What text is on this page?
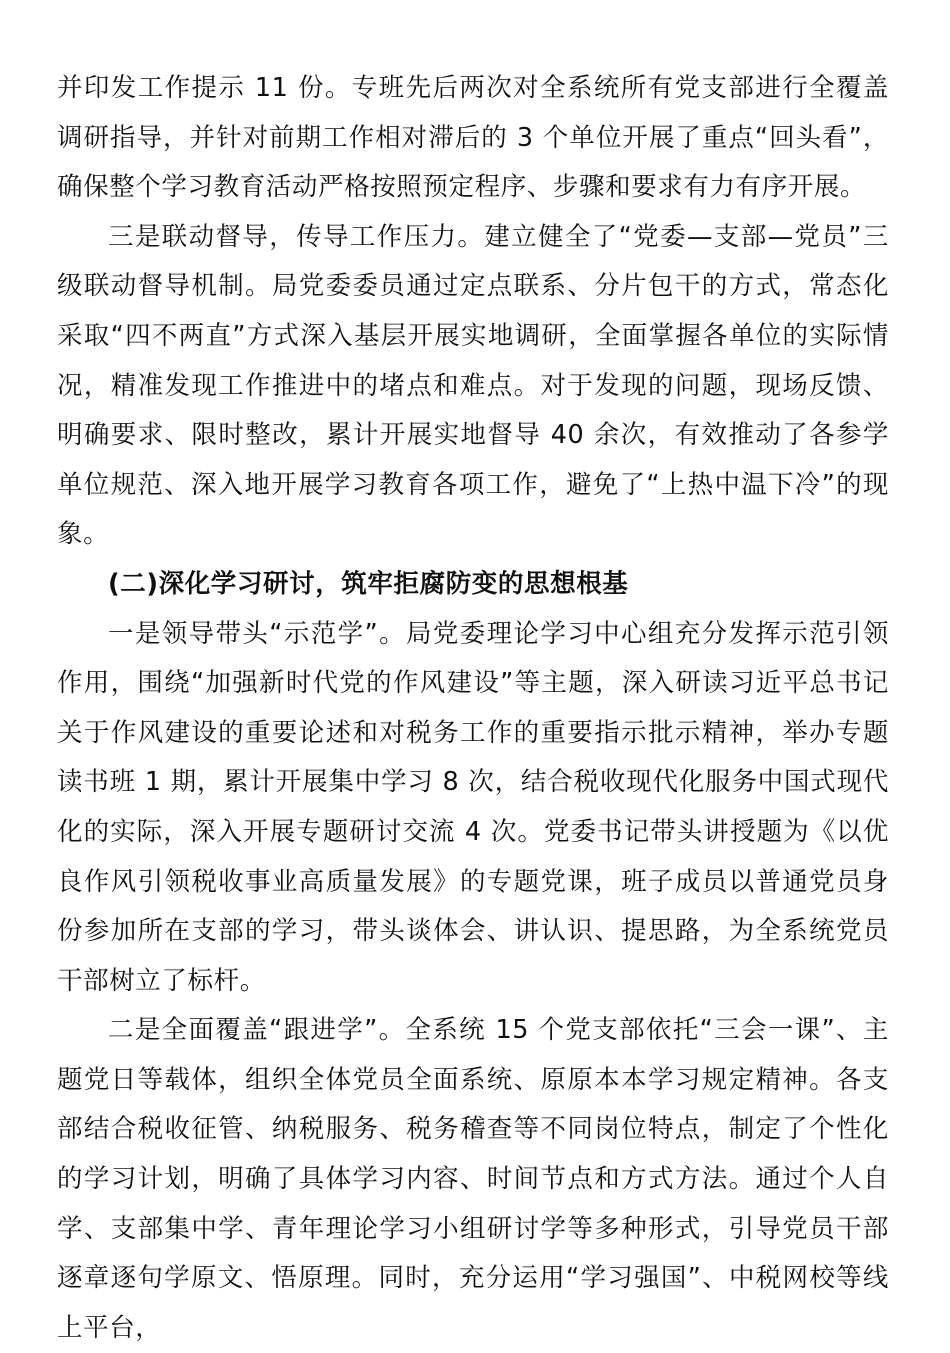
并印发工作提示 11 份。专班先后两次对全系统所有党支部进行全覆盖调研指导，并针对前期工作相对滞后的 3 个单位开展了重点“回头看”，确保整个学习教育活动严格按照预定程序、步骤和要求有力有序开展。

三是联动督导，传导工作压力。建立健全了“党委—支部—党员”三级联动督导机制。局党委委员通过定点联系、分片包干的方式，常态化采取“四不两直”方式深入基层开展实地调研，全面掌握各单位的实际情况，精准发现工作推进中的堵点和难点。对于发现的问题，现场反馈、明确要求、限时整改，累计开展实地督导 40 余次，有效推动了各参学单位规范、深入地开展学习教育各项工作，避免了“上热中温下冷”的现象。

(二)深化学习研讨，筑牢拒腐防变的思想根基

一是领导带头“示范学”。局党委理论学习中心组充分发挥示范引领作用，围绕“加强新时代党的作风建设”等主题，深入研读习近平总书记关于作风建设的重要论述和对税务工作的重要指示批示精神，举办专题读书班 1 期，累计开展集中学习 8 次，结合税收现代化服务中国式现代化的实际，深入开展专题研讨交流 4 次。党委书记带头讲授题为《以优良作风引领税收事业高质量发展》的专题党课，班子成员以普通党员身份参加所在支部的学习，带头谈体会、讲认识、提思路，为全系统党员干部树立了标杆。

二是全面覆盖“跟进学”。全系统 15 个党支部依托“三会一课”、主题党日等载体，组织全体党员全面系统、原原本本学习规定精神。各支部结合税收征管、纳税服务、税务稽查等不同岗位特点，制定了个性化的学习计划，明确了具体学习内容、时间节点和方式方法。通过个人自学、支部集中学、青年理论学习小组研讨学等多种形式，引导党员干部逐章逐句学原文、悟原理。同时，充分运用“学习强国”、中税网校等线上平台，
